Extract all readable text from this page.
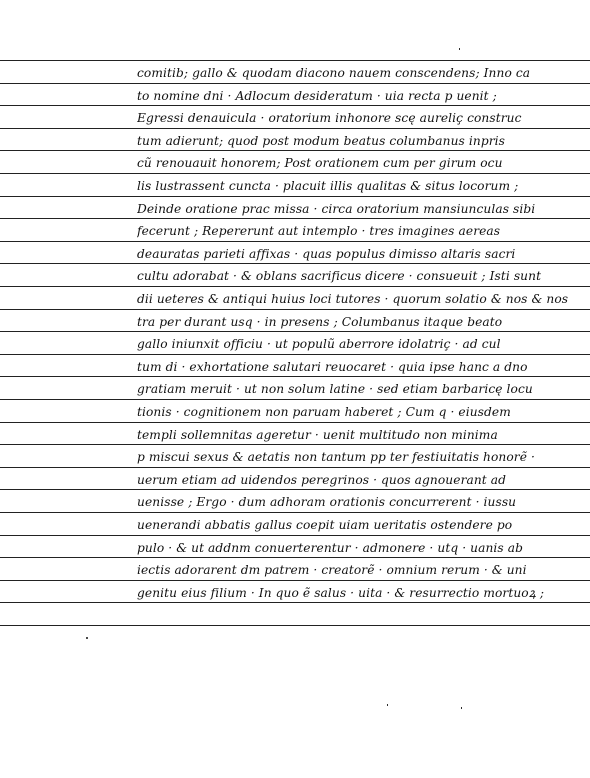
comitib; gallo & quodam diacono nauem conscendens; Inno ca
to nomine dni · Adlocum desideratum · uia recta p uenit ;
Egressi denauicula · oratorium inhonore scę aureliç construc
tum adierunt; quod post modum beatus columbanus inpris
cũ renouauit honorem; Post orationem cum per girum ocu
lis lustrassent cuncta · placuit illis qualitas & situs locorum ;
Deinde oratione prac missa · circa oratorium mansiunculas sibi
fecerunt ; Repererunt aut intemplo · tres imagines aereas
deauratas parieti affixas · quas populus dimisso altaris sacri
cultu adorabat · & oblans sacrificus dicere · consueuit ; Isti sunt
dii ueteres & antiqui huius loci tutores · quorum solatio & nos & nos
tra per durant usq · in presens ; Columbanus itaque beato
gallo iniunxit officiu · ut populũ aberrore idolatriç · ad cul
tum di · exhortatione salutari reuocaret · quia ipse hanc a dno
gratiam meruit · ut non solum latine · sed etiam barbaricę locu
tionis · cognitionem non paruam haberet ; Cum q · eiusdem
templi sollemnitas ageretur · uenit multitudo non minima
p miscui sexus & aetatis non tantum pp ter festiuitatis honorẽ ·
uerum etiam ad uidendos peregrinos · quos agnouerant ad
uenisse ; Ergo · dum adhoram orationis concurrerent · iussu
uenerandi abbatis gallus coepit uiam ueritatis ostendere po
pulo · & ut addnm conuerterentur · admonere · utq · uanis ab
iectis adorarent dm patrem · creatorẽ · omnium rerum · & uni
genitu eius filium · In quo ẽ salus · uita · & resurrectio mortuoꝝ ;
